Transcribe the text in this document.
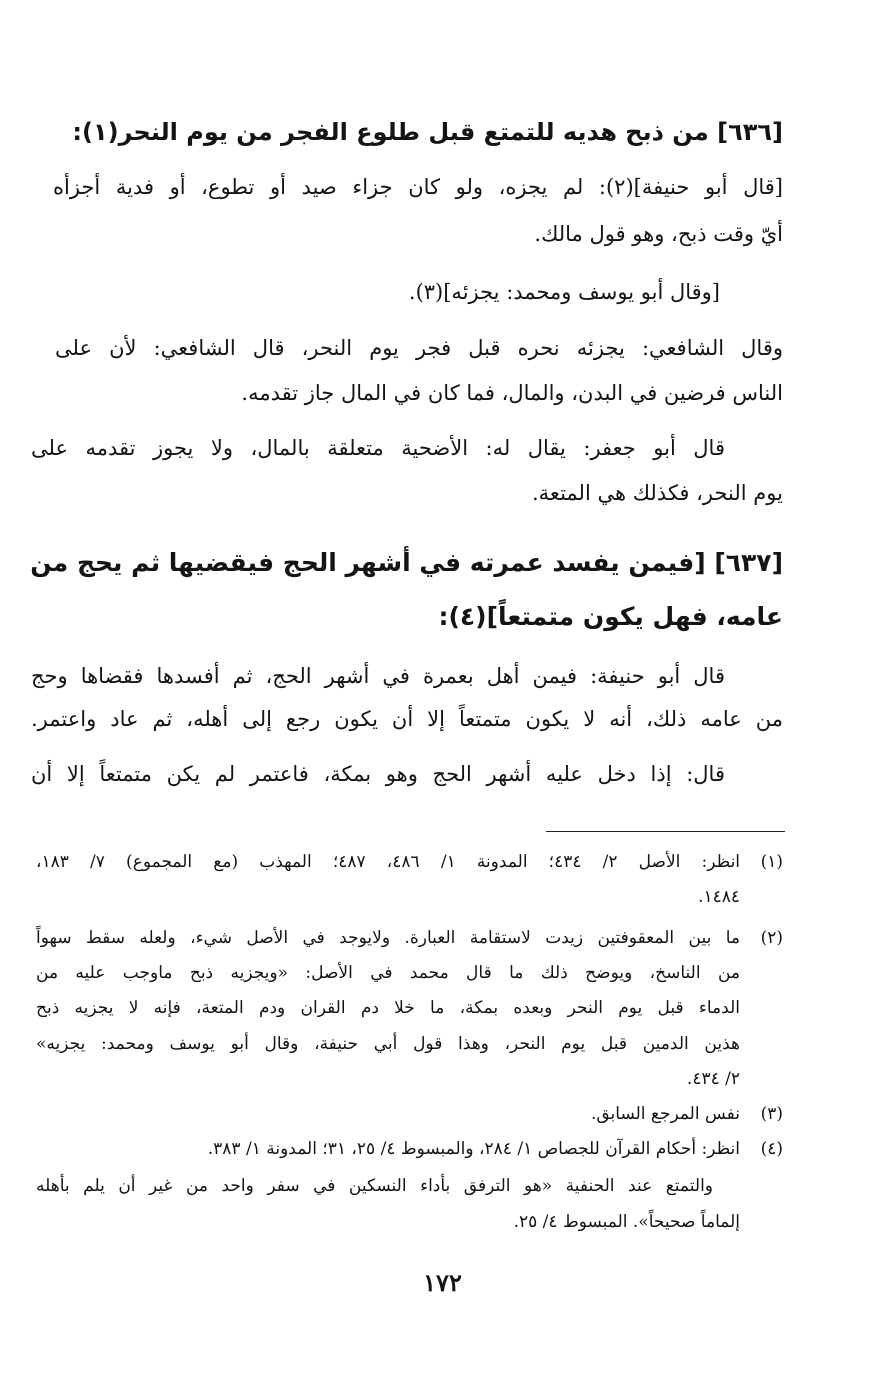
[٦٣٦] من ذبح هديه للتمتع قبل طلوع الفجر من يوم النحر(١):
[قال أبو حنيفة](٢): لم يجزه، ولو كان جزاء صيد أو تطوع، أو فدية أجزأه
أيّ وقت ذبح، وهو قول مالك.
[وقال أبو يوسف ومحمد: يجزئه](٣).
وقال الشافعي: يجزئه نحره قبل فجر يوم النحر، قال الشافعي: لأن على
الناس فرضين في البدن، والمال، فما كان في المال جاز تقدمه.
قال أبو جعفر: يقال له: الأضحية متعلقة بالمال، ولا يجوز تقدمه على
يوم النحر، فكذلك هي المتعة.
[٦٣٧] [فيمن يفسد عمرته في أشهر الحج فيقضيها ثم يحج من
عامه، فهل يكون متمتعاً](٤):
قال أبو حنيفة: فيمن أهل بعمرة في أشهر الحج، ثم أفسدها فقضاها وحج
من عامه ذلك، أنه لا يكون متمتعاً إلا أن يكون رجع إلى أهله، ثم عاد واعتمر.
قال: إذا دخل عليه أشهر الحج وهو بمكة، فاعتمر لم يكن متمتعاً إلا أن
(١)
انظر: الأصل ٢/ ٤٣٤؛ المدونة ١/ ٤٨٦، ٤٨٧؛ المهذب (مع المجموع) ٧/ ١٨٣،
١٤٨٤.
(٢)
ما بين المعقوفتين زيدت لاستقامة العبارة. ولايوجد في الأصل شيء، ولعله سقط سهواً
من الناسخ، ويوضح ذلك ما قال محمد في الأصل: «ويجزيه ذبح ماوجب عليه من
الدماء قبل يوم النحر وبعده بمكة، ما خلا دم القران ودم المتعة، فإنه لا يجزيه ذبح
هذين الدمين قبل يوم النحر، وهذا قول أبي حنيفة، وقال أبو يوسف ومحمد: يجزيه»
٢/ ٤٣٤.
(٣)
نفس المرجع السابق.
(٤)
انظر: أحكام القرآن للجصاص ١/ ٢٨٤، والمبسوط ٤/ ٢٥، ٣١؛ المدونة ١/ ٣٨٣.
والتمتع عند الحنفية «هو الترفق بأداء النسكين في سفر واحد من غير أن يلم بأهله
إلماماً صحيحاً». المبسوط ٤/ ٢٥.
١٧٢
